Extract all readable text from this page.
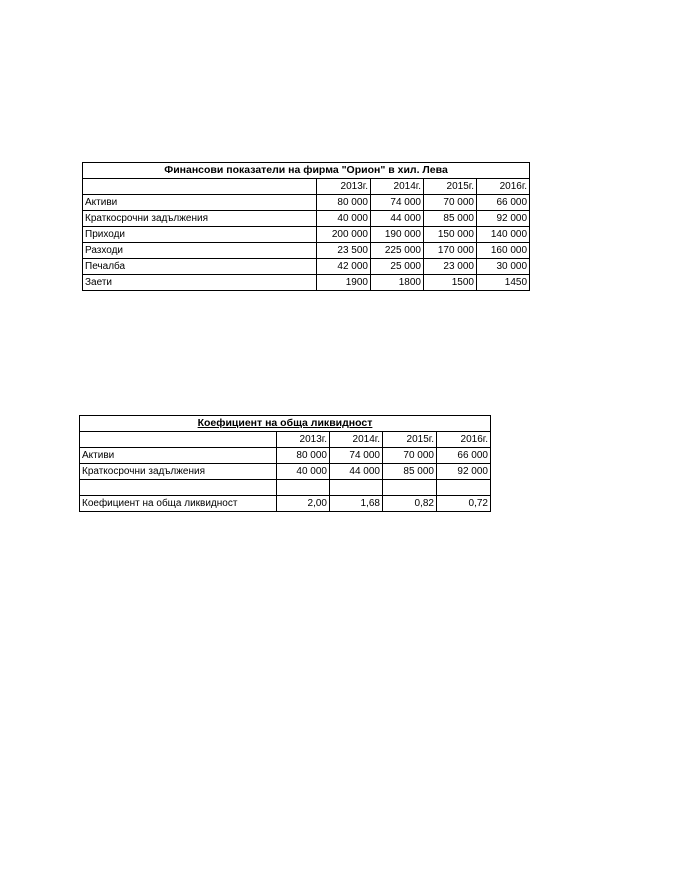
Финансови показатели на фирма "Орион" в хил. Лева				
	2013г.	2014г.	2015г.	2016г.
Активи	80 000	74 000	70 000	66 000
Краткосрочни задължения	40 000	44 000	85 000	92 000
Приходи	200 000	190 000	150 000	140 000
Разходи	23 500	225 000	170 000	160 000
Печалба	42 000	25 000	23 000	30 000
Заети	1900	1800	1500	1450
Коефициент на обща ликвидност				
	2013г.	2014г.	2015г.	2016г.
Активи	80 000	74 000	70 000	66 000
Краткосрочни задължения	40 000	44 000	85 000	92 000

Коефициент на обща ликвидност	2,00	1,68	0,82	0,72
